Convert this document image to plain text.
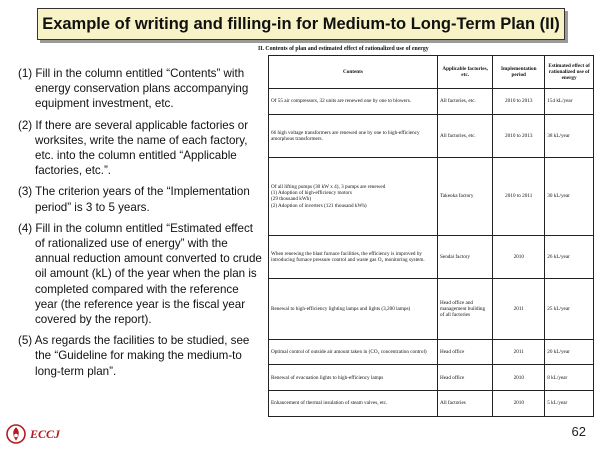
Example of writing and filling-in for Medium-to Long-Term Plan (II)

(1) Fill in the column entitled “Contents” with energy conservation plans accompanying equipment investment, etc.

(2) If there are several applicable factories or worksites, write the name of each factory, etc. into the column entitled “Applicable factories, etc.”.

(3) The criterion years of the “Implementation period” is 3 to 5 years.

(4) Fill in the column entitled “Estimated effect of rationalized use of energy” with the annual reduction amount converted to crude oil amount (kL) of the year when the plan is completed compared with the reference year (the reference year is the fiscal year covered by the report).

(5) As regards the facilities to be studied, see the “Guideline for making the medium-to long-term plan”.

II. Contents of plan and estimated effect of rationalized use of energy
Contents	Applicable factories, etc.	Implementation period	Estimated effect of rationalized use of energy
Of 55 air compressors, 32 units are renewed one by one to blowers.	All factories, etc.	2010 to 2013	154 kL/year
66 high voltage transformers are renewed one by one to high-efficiency amorphous transformers.	All factories, etc.	2010 to 2013	38 kL/year
Of all lifting pumps (30 kW x 4), 3 pumps are renewed
(1) Adoption of high-efficiency motors
(29 thousand kWh)
(2) Adoption of inverters (121 thousand kWh)	Takeoka factory	2010 to 2011	30 kL/year
When renewing the blast furnace facilities, the efficiency is improved by introducing furnace pressure control and waste gas O₂ monitoring system.	Sendai factory	2010	26 kL/year
Renewal to high-efficiency lighting lamps and lights (3,200 lamps)	Head office and management building of all factories	2011	25 kL/year
Optimal control of outside air amount taken in (CO₂ concentration control)	Head office	2011	20 kL/year
Renewal of evacuation lights to high-efficiency lamps	Head office	2010	8 kL/year
Enhancement of thermal insulation of steam valves, etc.	All factories	2010	5 kL/year
ECCJ	62
